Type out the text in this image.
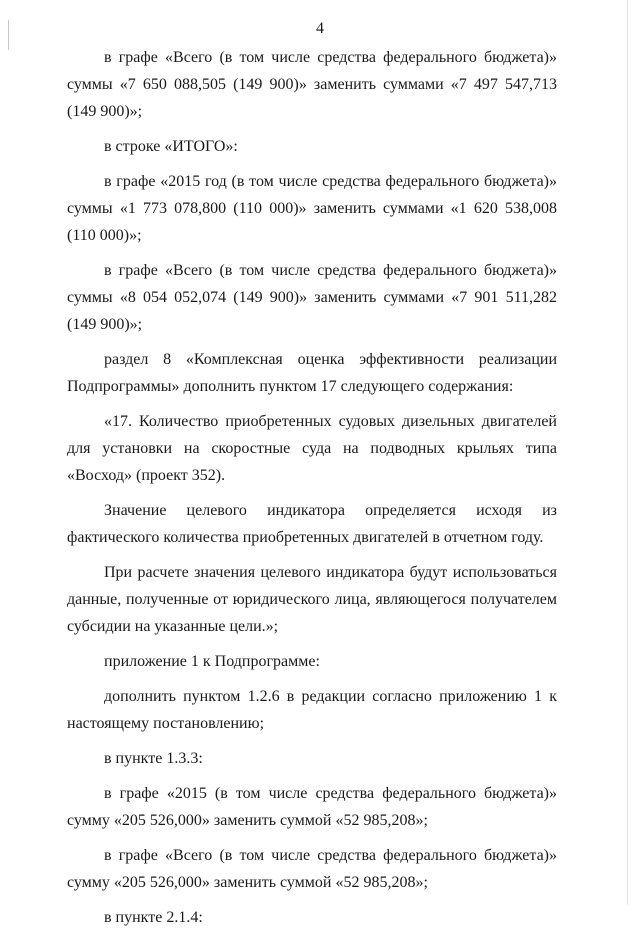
4

в графе «Всего (в том числе средства федерального бюджета)» суммы «7 650 088,505 (149 900)» заменить суммами «7 497 547,713 (149 900)»;

в строке «ИТОГО»:

в графе «2015 год (в том числе средства федерального бюджета)» суммы «1 773 078,800 (110 000)» заменить суммами «1 620 538,008 (110 000)»;

в графе «Всего (в том числе средства федерального бюджета)» суммы «8 054 052,074 (149 900)» заменить суммами «7 901 511,282 (149 900)»;

раздел 8 «Комплексная оценка эффективности реализации Подпрограммы» дополнить пунктом 17 следующего содержания:

«17. Количество приобретенных судовых дизельных двигателей для установки на скоростные суда на подводных крыльях типа «Восход» (проект 352).

Значение целевого индикатора определяется исходя из фактического количества приобретенных двигателей в отчетном году.

При расчете значения целевого индикатора будут использоваться данные, полученные от юридического лица, являющегося получателем субсидии на указанные цели.»;

приложение 1 к Подпрограмме:

дополнить пунктом 1.2.6 в редакции согласно приложению 1 к настоящему постановлению;

в пункте 1.3.3:

в графе «2015 (в том числе средства федерального бюджета)» сумму «205 526,000» заменить суммой «52 985,208»;

в графе «Всего (в том числе средства федерального бюджета)» сумму «205 526,000» заменить суммой «52 985,208»;

в пункте 2.1.4:
